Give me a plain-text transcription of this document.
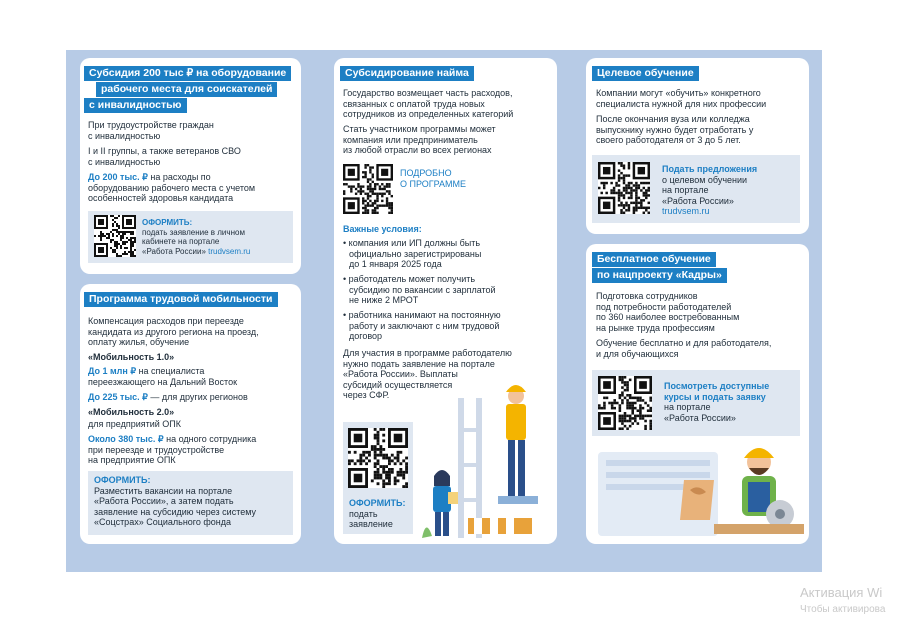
Субсидия 200 тыс ₽ на оборудование
рабочего места для соискателей
с инвалидностью
При трудоустройстве граждан
с инвалидностью
I и II группы, а также ветеранов СВО
с инвалидностью
До 200 тыс. ₽ на расходы по
оборудованию рабочего места с учетом
особенностей здоровья кандидата
ОФОРМИТЬ:
подать заявление в личном
кабинете на портале
«Работа России» trudvsem.ru
Программа трудовой мобильности
Компенсация расходов при переезде
кандидата из другого региона на проезд,
оплату жилья, обучение
«Мобильность 1.0»
До 1 млн ₽ на специалиста
переезжающего на Дальний Восток
До 225 тыс. ₽ — для других регионов
«Мобильность 2.0»
для предприятий ОПК
Около 380 тыс. ₽ на одного сотрудника
при переезде и трудоустройстве
на предприятие ОПК
ОФОРМИТЬ:
Разместить вакансии на портале
«Работа России», а затем подать
заявление на субсидию через систему
«Соцстрах» Социального фонда
Субсидирование найма
Государство возмещает часть расходов,
связанных с оплатой труда новых
сотрудников из определенных категорий
Стать участником программы может
компания или предприниматель
из любой отрасли во всех регионах
ПОДРОБНО
О ПРОГРАММЕ
Важные условия:
• компания или ИП должны быть
официально зарегистрированы
до 1 января 2025 года
• работодатель может получить
субсидию по вакансии с зарплатой
не ниже 2 МРОТ
• работника нанимают на постоянную
работу и заключают с ним трудовой
договор
Для участия в программе работодателю
нужно подать заявление на портале
«Работа России». Выплаты
субсидий осуществляется
через СФР.
ОФОРМИТЬ:
подать
заявление
Целевое обучение
Компании могут «обучить» конкретного
специалиста нужной для них профессии
После окончания вуза или колледжа
выпускнику нужно будет отработать у
своего работодателя от 3 до 5 лет.
Подать предложения
о целевом обучении
на портале
«Работа России»
trudvsem.ru
Бесплатное обучение
по нацпроекту «Кадры»
Подготовка сотрудников
под потребности работодателей
по 360 наиболее востребованным
на рынке труда профессиям
Обучение бесплатно и для работодателя,
и для обучающихся
Посмотреть доступные
курсы и подать заявку
на портале
«Работа России»
Активация Wi
Чтобы активирова
